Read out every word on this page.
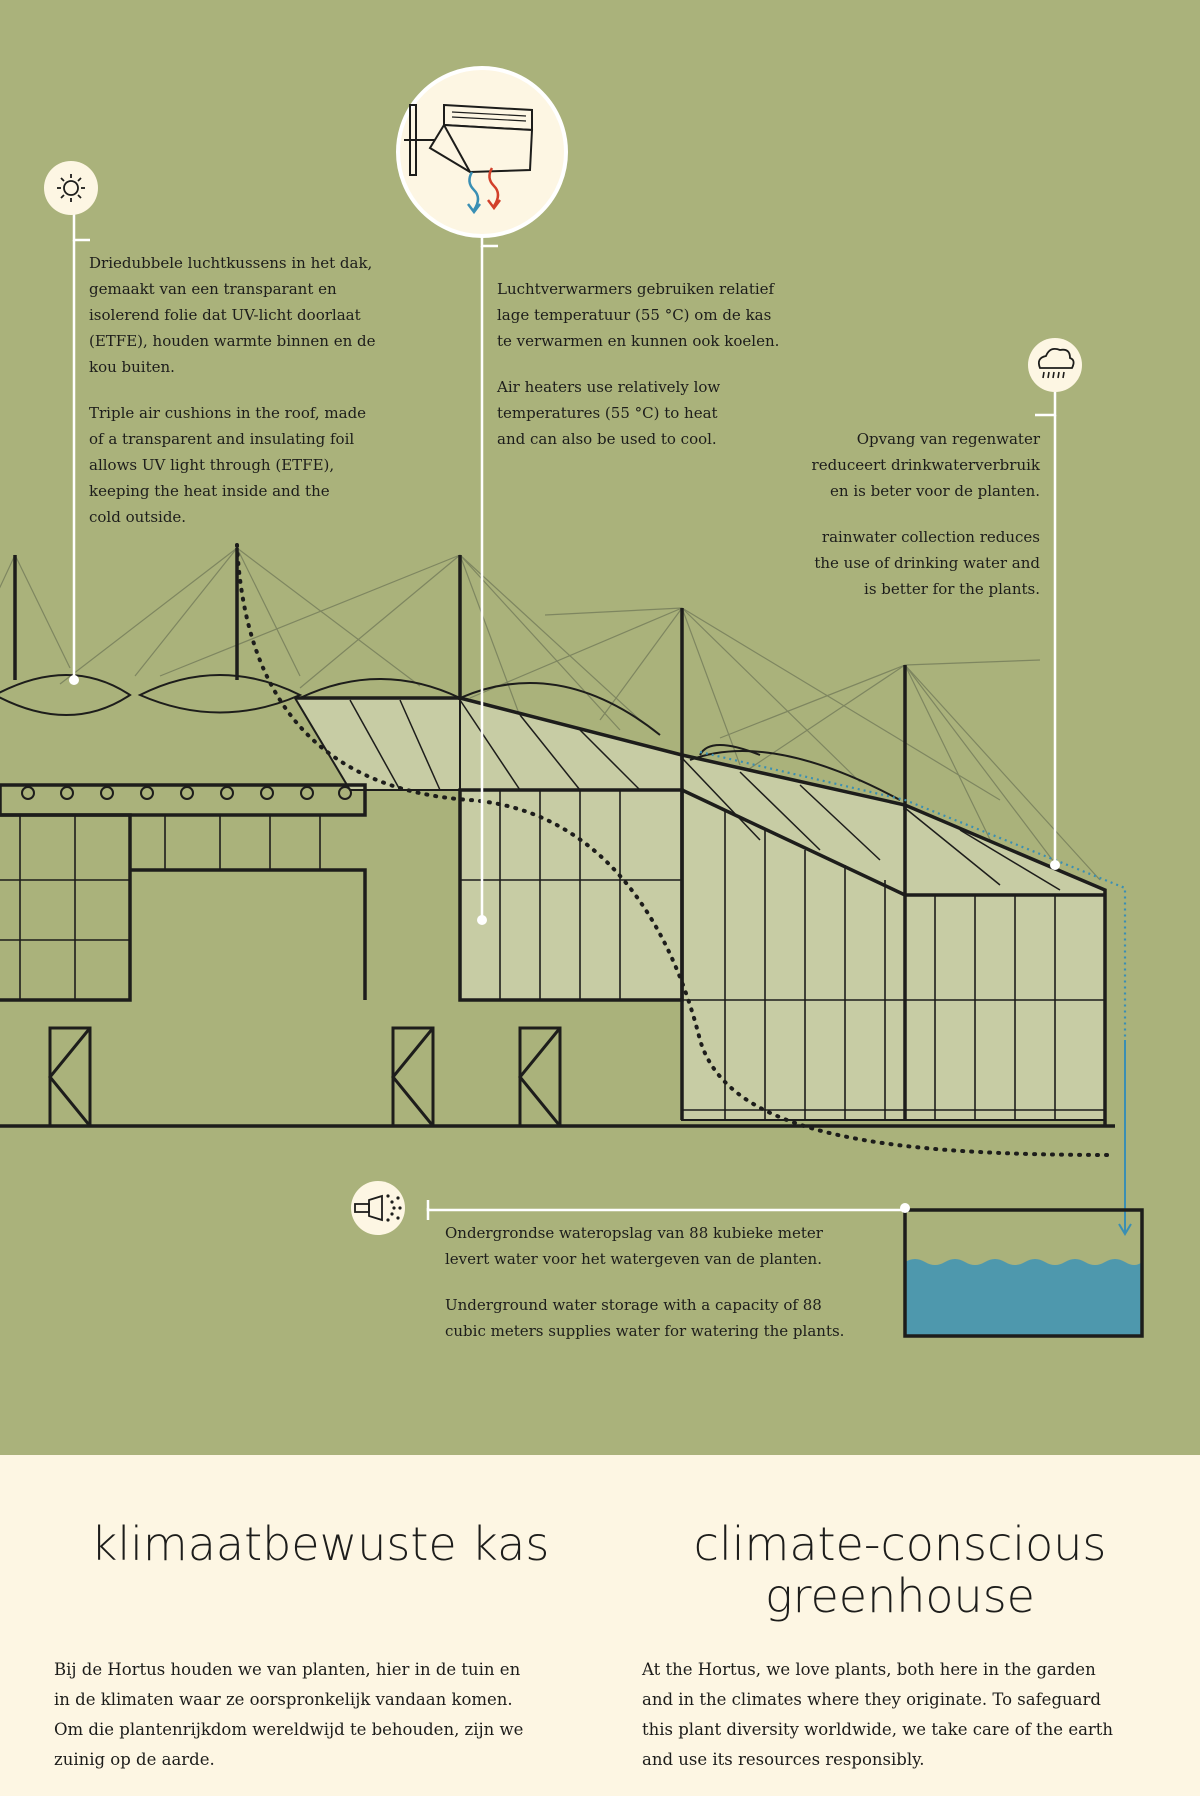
Driedubbele luchtkussens in het dak,
gemaakt van een transparant en
isolerend folie dat UV-licht doorlaat
(ETFE), houden warmte binnen en de
kou buiten.

Triple air cushions in the roof, made
of a transparent and insulating foil
allows UV light through (ETFE),
keeping the heat inside and the
cold outside.

Luchtverwarmers gebruiken relatief
lage temperatuur (55 °C) om de kas
te verwarmen en kunnen ook koelen.

Air heaters use relatively low
temperatures (55 °C) to heat
and can also be used to cool.	Opvang van regenwater
reduceert drinkwaterverbruik
en is beter voor de planten.

rainwater collection reduces
the use of drinking water and
is better for the plants.

Ondergrondse wateropslag van 88 kubieke meter
levert water voor het watergeven van de planten.

Underground water storage with a capacity of 88
cubic meters supplies water for watering the plants.

klimaatbewuste kas	climate-conscious
greenhouse

Bij de Hortus houden we van planten, hier in de tuin en
in de klimaten waar ze oorspronkelijk vandaan komen.
Om die plantenrijkdom wereldwijd te behouden, zijn we
zuinig op de aarde.

At the Hortus, we love plants, both here in the garden
and in the climates where they originate. To safeguard
this plant diversity worldwide, we take care of the earth
and use its resources responsibly.
